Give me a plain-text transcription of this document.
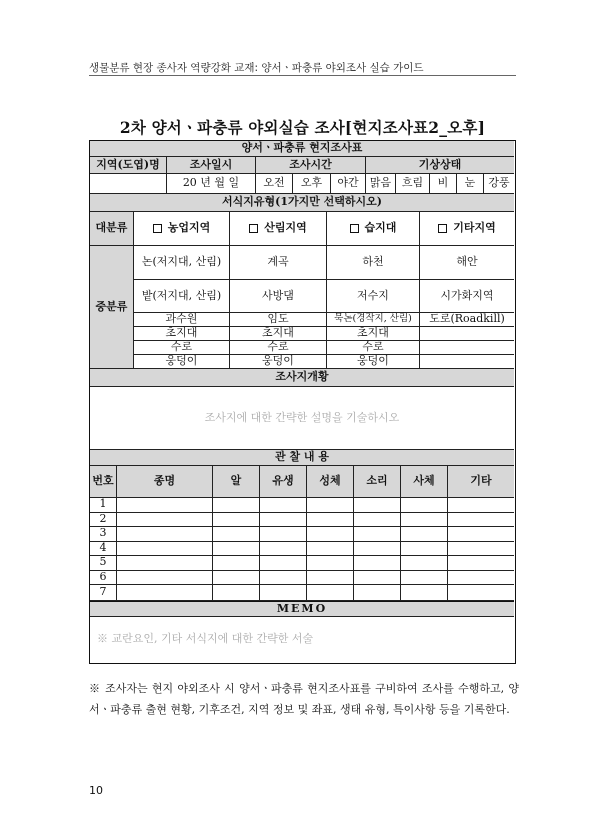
생물분류 현장 종사자 역량강화 교재: 양서ㆍ파충류 야외조사 실습 가이드
2차 양서ㆍ파충류 야외실습 조사[현지조사표2_오후]
양서ㆍ파충류 현지조사표
지역(도엽)명	조사일시	조사시간	기상상태
20 년 월 일	오전	오후	야간	맑음 흐림	비	눈	강풍
서식지유형(1가지만 선택하시오)
대분류	농업지역	산림지역	습지대	기타지역
중분류
논(저지대, 산림)	계곡	하천	해안
밭(저지대, 산림)	사방댐	저수지	시가화지역
과수원	임도	묵논(경작지, 산림)	도로(Roadkill)
초지대	초지대	초지대
수로	수로	수로
웅덩이	웅덩이	웅덩이
조사지개황
조사지에 대한 간략한 설명을 기술하시오
관 찰 내 용
번호	종명	알	유생	성체	소리	사체	기타
1
2
3
4
5
6
7
MEMO
※ 교란요인, 기타 서식지에 대한 간략한 서술
※ 조사자는 현지 야외조사 시 양서ㆍ파충류 현지조사표를 구비하여 조사를 수행하고, 양서ㆍ파충류 출현 현황, 기후조건, 지역 정보 및 좌표, 생태 유형, 특이사항 등을 기록한다.
10
